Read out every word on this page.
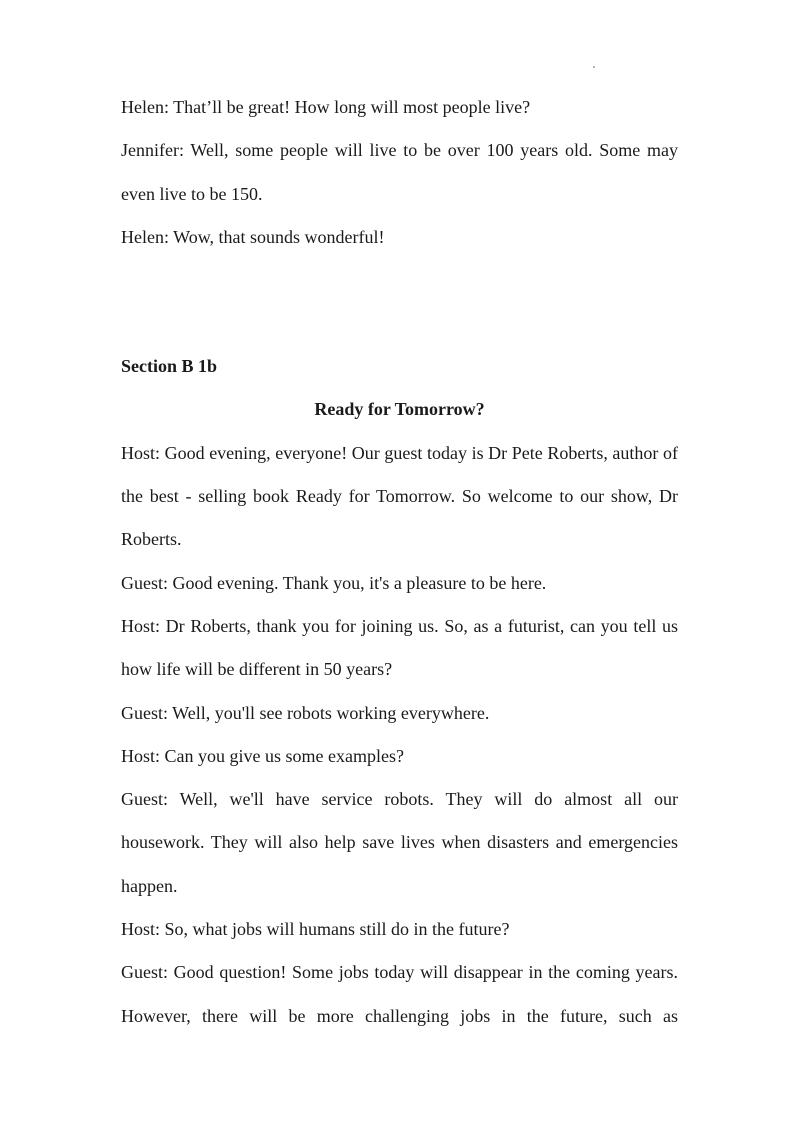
Helen: That’ll be great! How long will most people live?

Jennifer: Well, some people will live to be over 100 years old. Some may even live to be 150.

Helen: Wow, that sounds wonderful!

Section B 1b

Ready for Tomorrow?

Host: Good evening, everyone! Our guest today is Dr Pete Roberts, author of the best - selling book Ready for Tomorrow. So welcome to our show, Dr Roberts.

Guest: Good evening. Thank you, it's a pleasure to be here.

Host: Dr Roberts, thank you for joining us. So, as a futurist, can you tell us how life will be different in 50 years?

Guest: Well, you'll see robots working everywhere.

Host: Can you give us some examples?

Guest: Well, we'll have service robots. They will do almost all our housework. They will also help save lives when disasters and emergencies happen.

Host: So, what jobs will humans still do in the future?

Guest: Good question! Some jobs today will disappear in the coming years. However, there will be more challenging jobs in the future, such as
